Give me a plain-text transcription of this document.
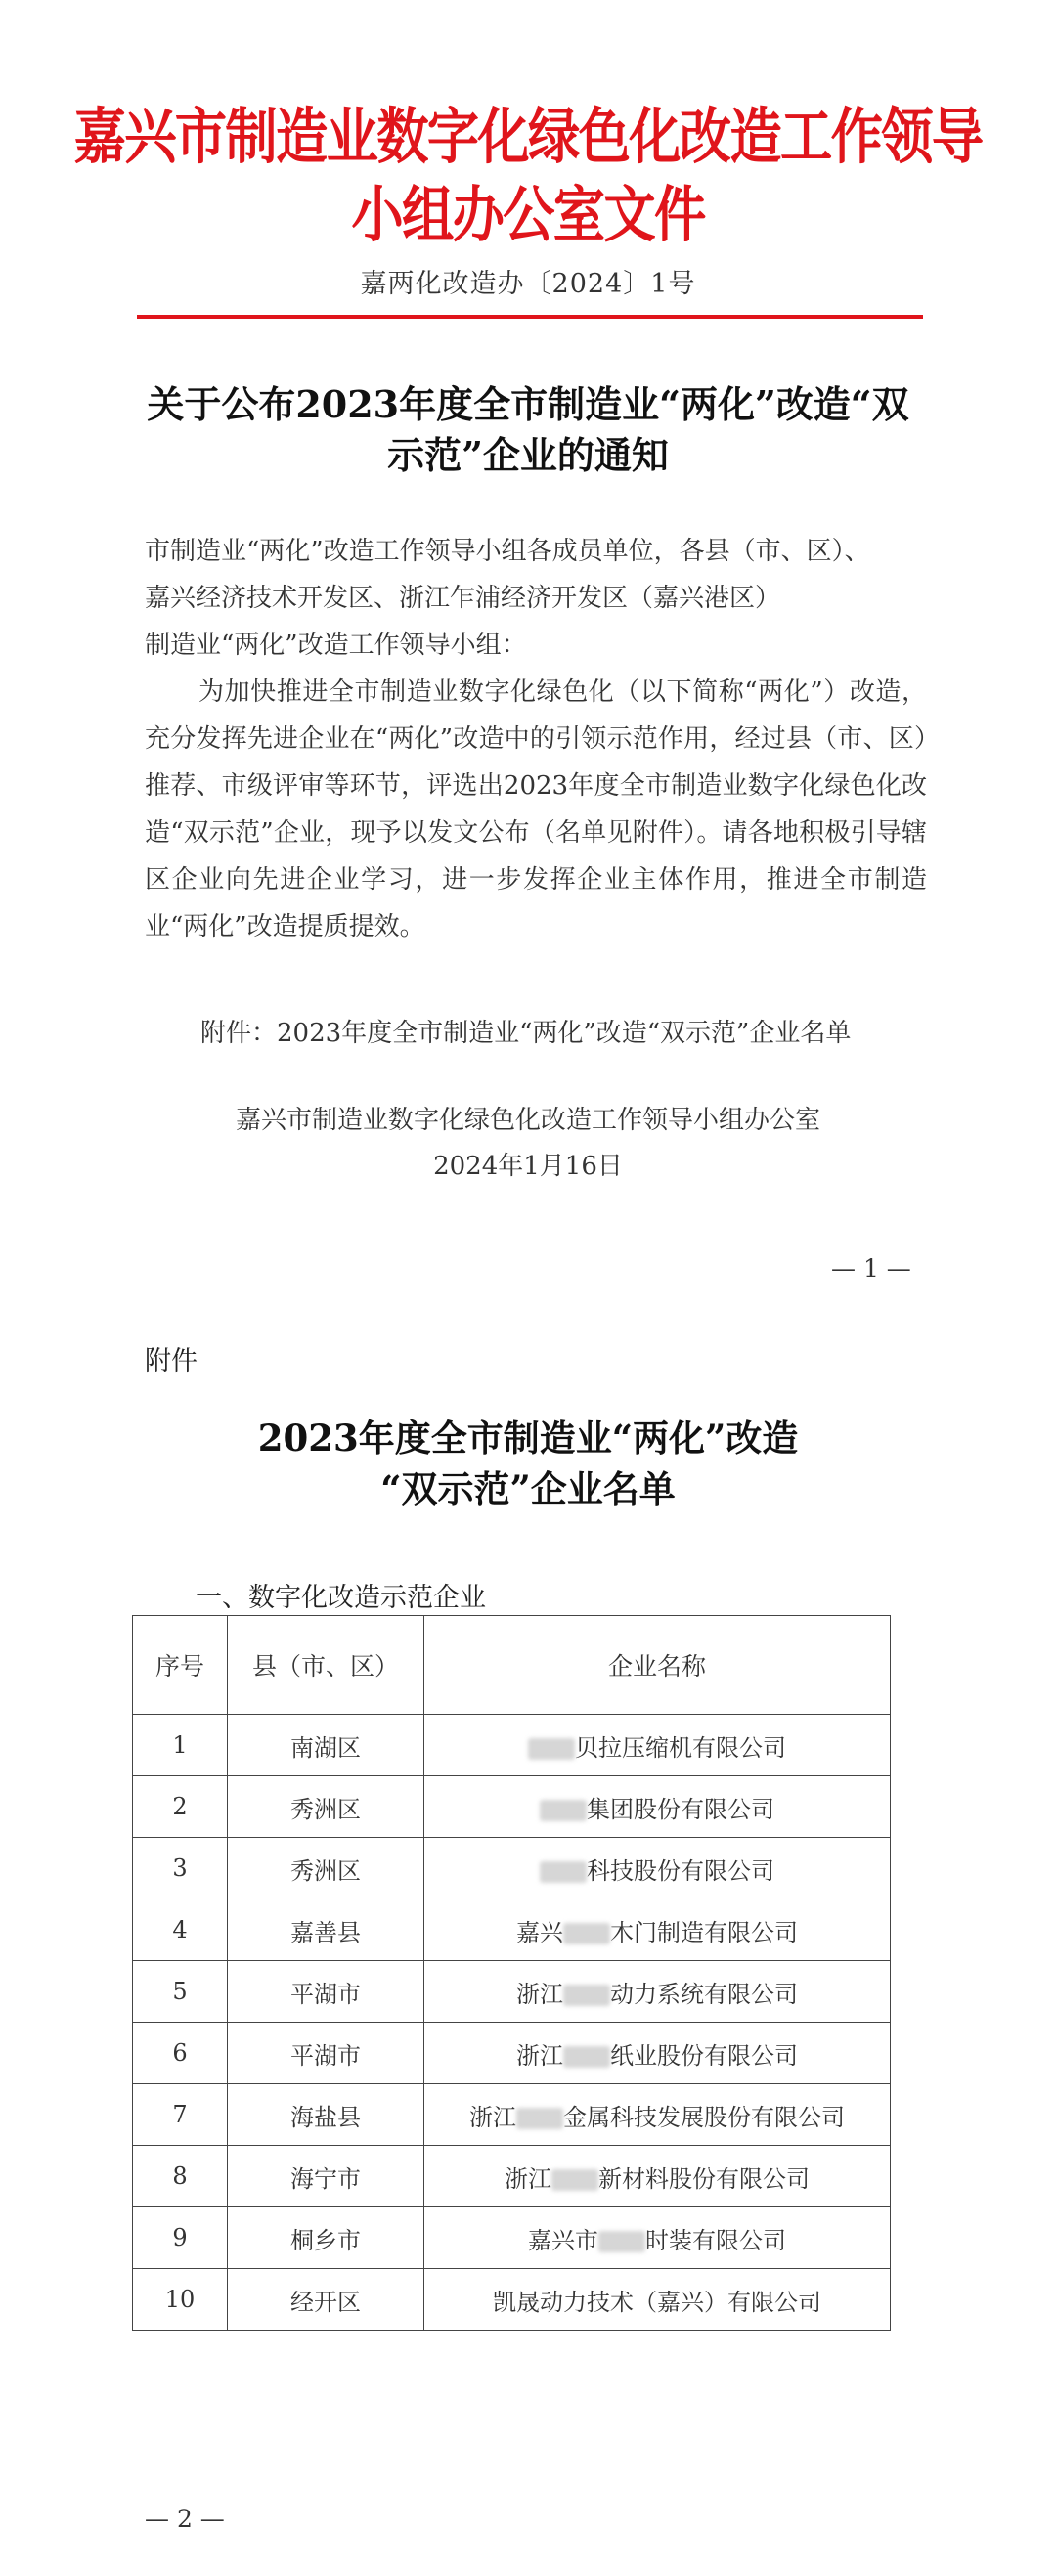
嘉兴市制造业数字化绿色化改造工作领导小组办公室文件
嘉两化改造办〔2024〕1号
关于公布2023年度全市制造业“两化”改造“双
示范”企业的通知
市制造业“两化”改造工作领导小组各成员单位，各县（市、区）、
嘉兴经济技术开发区、浙江乍浦经济开发区（嘉兴港区）
制造业“两化”改造工作领导小组：
为加快推进全市制造业数字化绿色化（以下简称“两化”）改造，充分发挥先进企业在“两化”改造中的引领示范作用，经过县（市、区）推荐、市级评审等环节，评选出2023年度全市制造业数字化绿色化改造“双示范”企业，现予以发文公布（名单见附件）。请各地积极引导辖区企业向先进企业学习，进一步发挥企业主体作用，推进全市制造业“两化”改造提质提效。
附件：2023年度全市制造业“两化”改造“双示范”企业名单
嘉兴市制造业数字化绿色化改造工作领导小组办公室
2024年1月16日
— 1 —
附件
2023年度全市制造业“两化”改造
“双示范”企业名单
一、数字化改造示范企业
序号	县（市、区）	企业名称
1	南湖区	贝拉压缩机有限公司
2	秀洲区	集团股份有限公司
3	秀洲区	科技股份有限公司
4	嘉善县	嘉兴 木门制造有限公司
5	平湖市	浙江 动力系统有限公司
6	平湖市	浙江 纸业股份有限公司
7	海盐县	浙江 金属科技发展股份有限公司
8	海宁市	浙江 新材料股份有限公司
9	桐乡市	嘉兴市 时装有限公司
10	经开区	凯晟动力技术（嘉兴）有限公司
— 2 —
